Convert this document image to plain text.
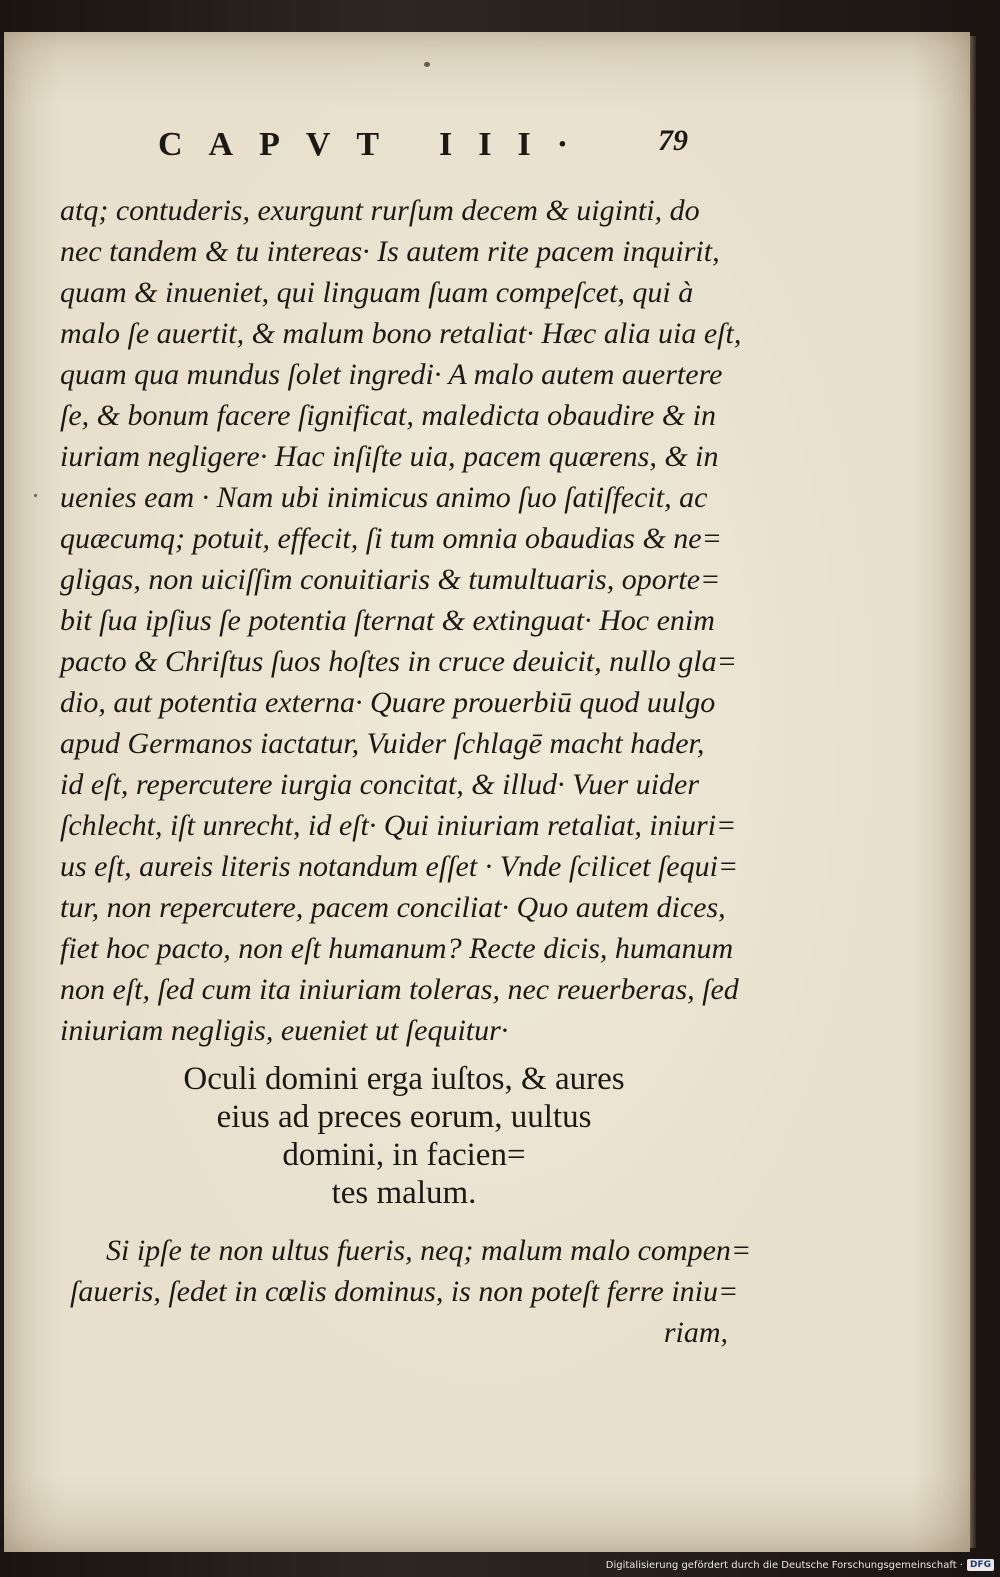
CAPVT III· 79
atq; contuderis, exurgunt rurſum decem & uiginti, do
nec tandem & tu intereas· Is autem rite pacem inquirit,
quam & inueniet, qui linguam ſuam compeſcet, qui à
malo ſe auertit, & malum bono retaliat· Hæc alia uia eſt,
quam qua mundus ſolet ingredi· A malo autem auertere
ſe, & bonum facere ſignificat, maledicta obaudire & in
iuriam negligere· Hac inſiſte uia, pacem quærens, & in
uenies eam · Nam ubi inimicus animo ſuo ſatiſfecit, ac
quæcumq; potuit, effecit, ſi tum omnia obaudias & ne=
gligas, non uiciſſim conuitiaris & tumultuaris, oporte=
bit ſua ipſius ſe potentia ſternat & extinguat· Hoc enim
pacto & Chriſtus ſuos hoſtes in cruce deuicit, nullo gla=
dio, aut potentia externa· Quare prouerbiū quod uulgo
apud Germanos iactatur, Vuider ſchlagē macht hader,
id eſt, repercutere iurgia concitat, & illud· Vuer uider
ſchlecht, iſt unrecht, id eſt· Qui iniuriam retaliat, iniuri=
us eſt, aureis literis notandum eſſet · Vnde ſcilicet ſequi=
tur, non repercutere, pacem conciliat· Quo autem dices,
fiet hoc pacto, non eſt humanum? Recte dicis, humanum
non eſt, ſed cum ita iniuriam toleras, nec reuerberas, ſed
iniuriam negligis, eueniet ut ſequitur·
Oculi domini erga iuſtos, & aures
eius ad preces eorum, uultus
domini, in facien=
tes malum.
Si ipſe te non ultus fueris, neq; malum malo compen=
ſaueris, ſedet in cœlis dominus, is non poteſt ferre iniu=
riam,
Digitalisierung gefördert durch die Deutsche Forschungsgemeinschaft · DFG
